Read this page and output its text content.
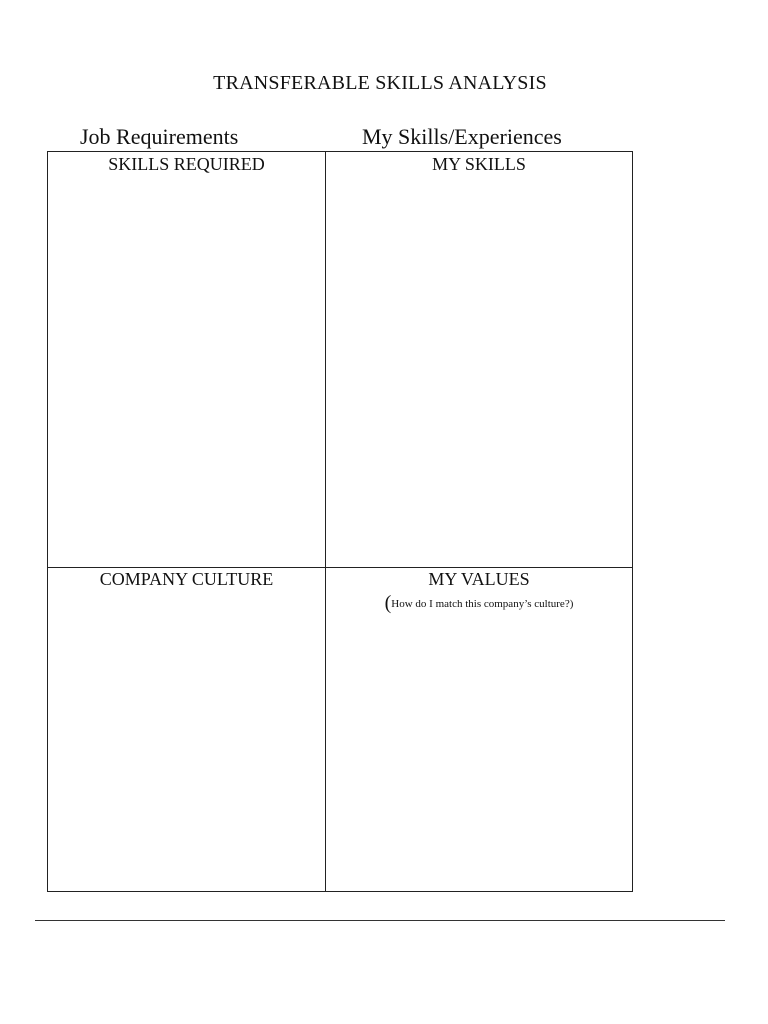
TRANSFERABLE SKILLS ANALYSIS
Job Requirements	My Skills/Experiences
SKILLS REQUIRED	MY SKILLS
COMPANY CULTURE	MY VALUES
(How do I match this company’s culture?)
